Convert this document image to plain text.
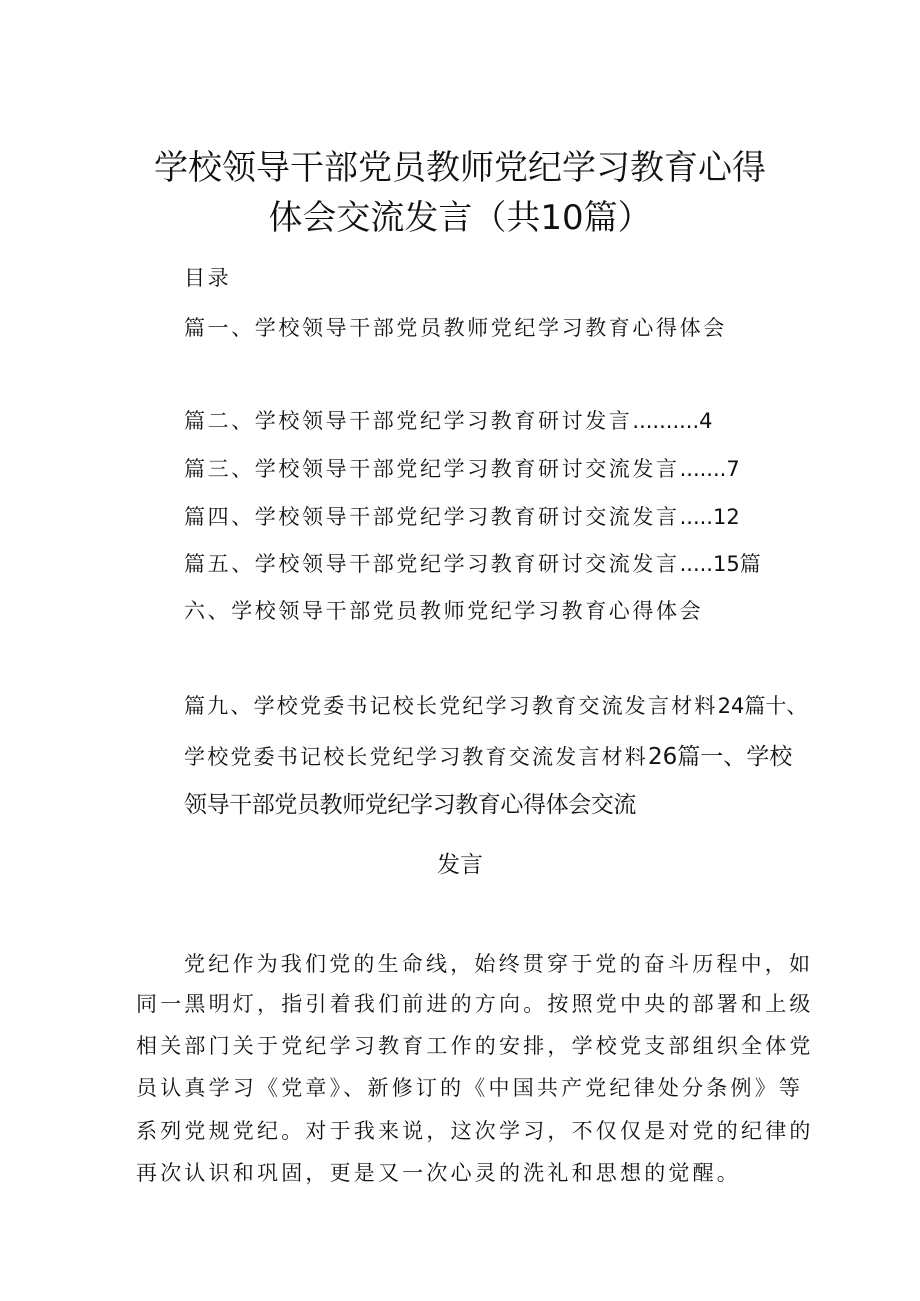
学校领导干部党员教师党纪学习教育心得
体会交流发言（共10篇）

目录

篇一、学校领导干部党员教师党纪学习教育心得体会

篇二、学校领导干部党纪学习教育研讨发言..........4

篇三、学校领导干部党纪学习教育研讨交流发言.......7

篇四、学校领导干部党纪学习教育研讨交流发言.....12

篇五、学校领导干部党纪学习教育研讨交流发言.....15篇

六、学校领导干部党员教师党纪学习教育心得体会

篇九、学校党委书记校长党纪学习教育交流发言材料24篇十、

学校党委书记校长党纪学习教育交流发言材料26篇一、学校

领导干部党员教师党纪学习教育心得体会交流

发言

党纪作为我们党的生命线，始终贯穿于党的奋斗历程中，如

同一黑明灯，指引着我们前进的方向。按照党中央的部署和上级

相关部门关于党纪学习教育工作的安排，学校党支部组织全体党

员认真学习《党章》、新修订的《中国共产党纪律处分条例》等

系列党规党纪。对于我来说，这次学习，不仅仅是对党的纪律的

再次认识和巩固，更是又一次心灵的洗礼和思想的觉醒。
